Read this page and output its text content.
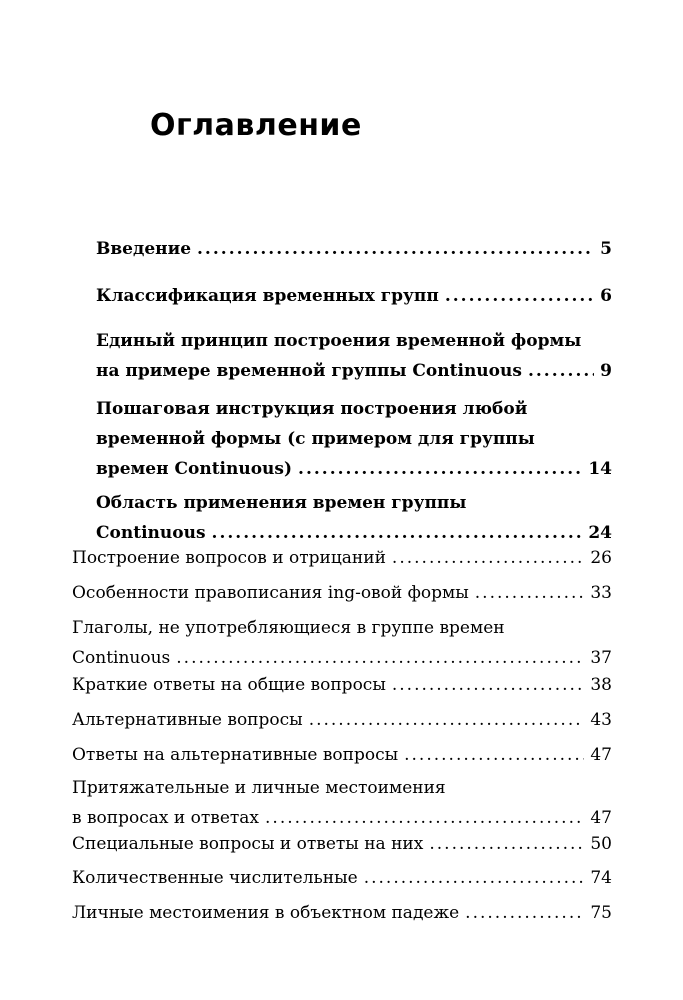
Оглавление
Введение .....	5
Классификация временных групп .....	6
Единый принцип построения временной формы
на примере временной группы Continuous .....	9
Пошаговая инструкция построения любой
временной формы (с примером для группы
времен Continuous) .....	14
Область применения времен группы
Continuous .....	24
Построение вопросов и отрицаний .....	26
Особенности правописания ing-овой формы .....	33
Глаголы, не употребляющиеся в группе времен
Continuous .....	37
Краткие ответы на общие вопросы .....	38
Альтернативные вопросы .....	43
Ответы на альтернативные вопросы .....	47
Притяжательные и личные местоимения
в вопросах и ответах .....	47
Специальные вопросы и ответы на них .....	50
Количественные числительные .....	74
Личные местоимения в объектном падеже .....	75
